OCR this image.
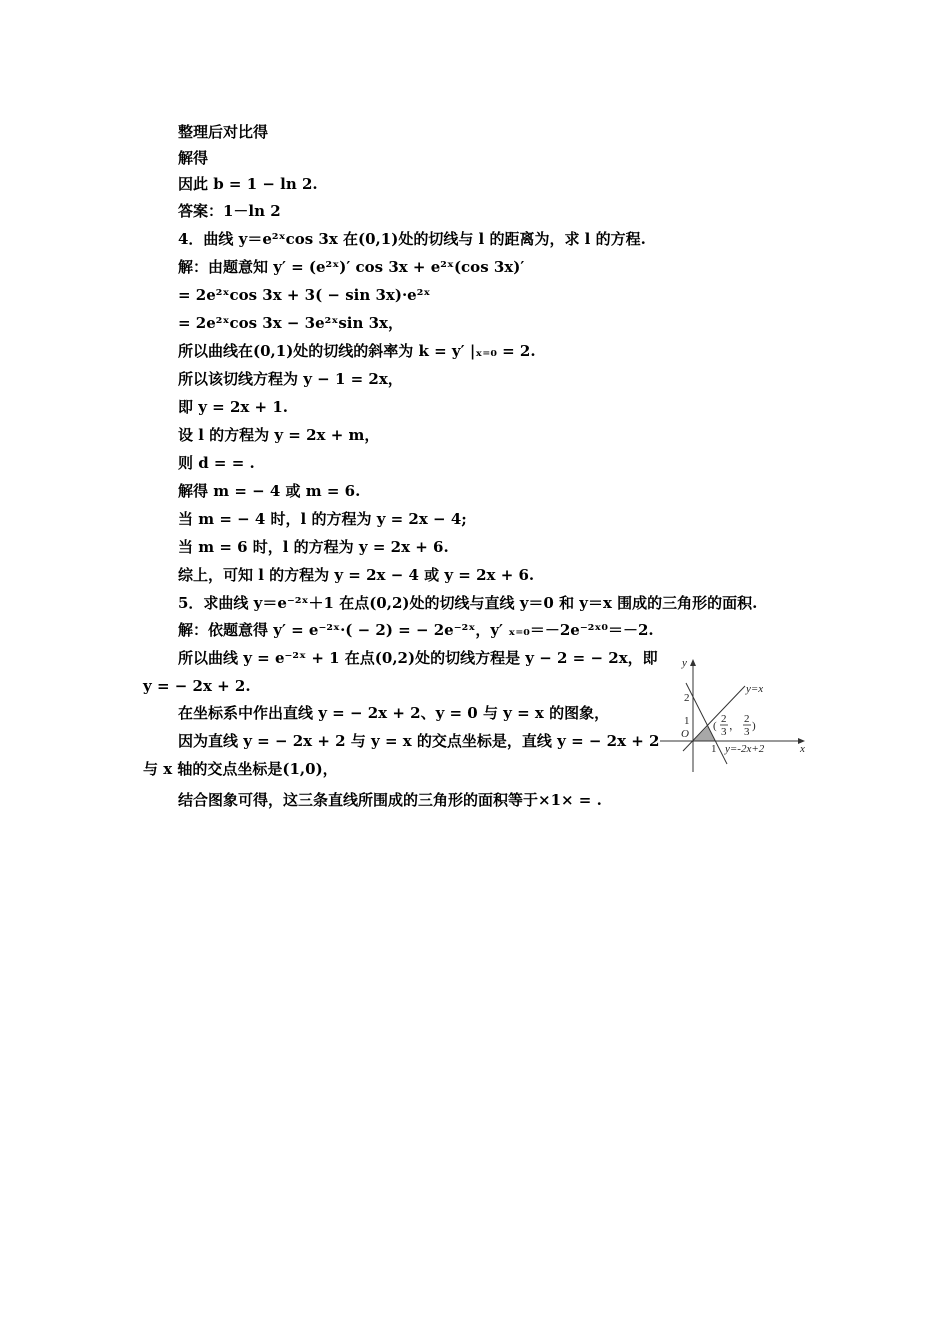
整理后对比得
解得
因此 b = 1 − ln 2.
答案：1－ln 2
4．曲线 y＝e²ˣcos 3x 在(0,1)处的切线与 l 的距离为，求 l 的方程.
解：由题意知 y′ = (e²ˣ)′ cos 3x + e²ˣ(cos 3x)′
= 2e²ˣcos 3x + 3( − sin 3x)·e²ˣ
= 2e²ˣcos 3x − 3e²ˣsin 3x，
所以曲线在(0,1)处的切线的斜率为 k = y′ |ₓ₌₀ = 2.
所以该切线方程为 y − 1 = 2x，
即 y = 2x + 1.
设 l 的方程为 y = 2x + m，
则 d = = .
解得 m = − 4 或 m = 6.
当 m = − 4 时，l 的方程为 y = 2x − 4;
当 m = 6 时，l 的方程为 y = 2x + 6.
综上，可知 l 的方程为 y = 2x − 4 或 y = 2x + 6.
5．求曲线 y＝e⁻²ˣ＋1 在点(0,2)处的切线与直线 y＝0 和 y＝x 围成的三角形的面积.
解：依题意得 y′ = e⁻²ˣ·( − 2) = − 2e⁻²ˣ，y′ ₓ₌₀＝－2e⁻²ˣ⁰＝－2.
所以曲线 y = e⁻²ˣ + 1 在点(0,2)处的切线方程是 y − 2 = − 2x，即
y = − 2x + 2.
在坐标系中作出直线 y = − 2x + 2、y = 0 与 y = x 的图象，
因为直线 y = − 2x + 2 与 y = x 的交点坐标是，直线 y = − 2x + 2
与 x 轴的交点坐标是(1,0)，
结合图象可得，这三条直线所围成的三角形的面积等于×1× = .
y
x
O
2
1
1
y=x
y=-2x+2
(
2
3 ，
2
3 )
